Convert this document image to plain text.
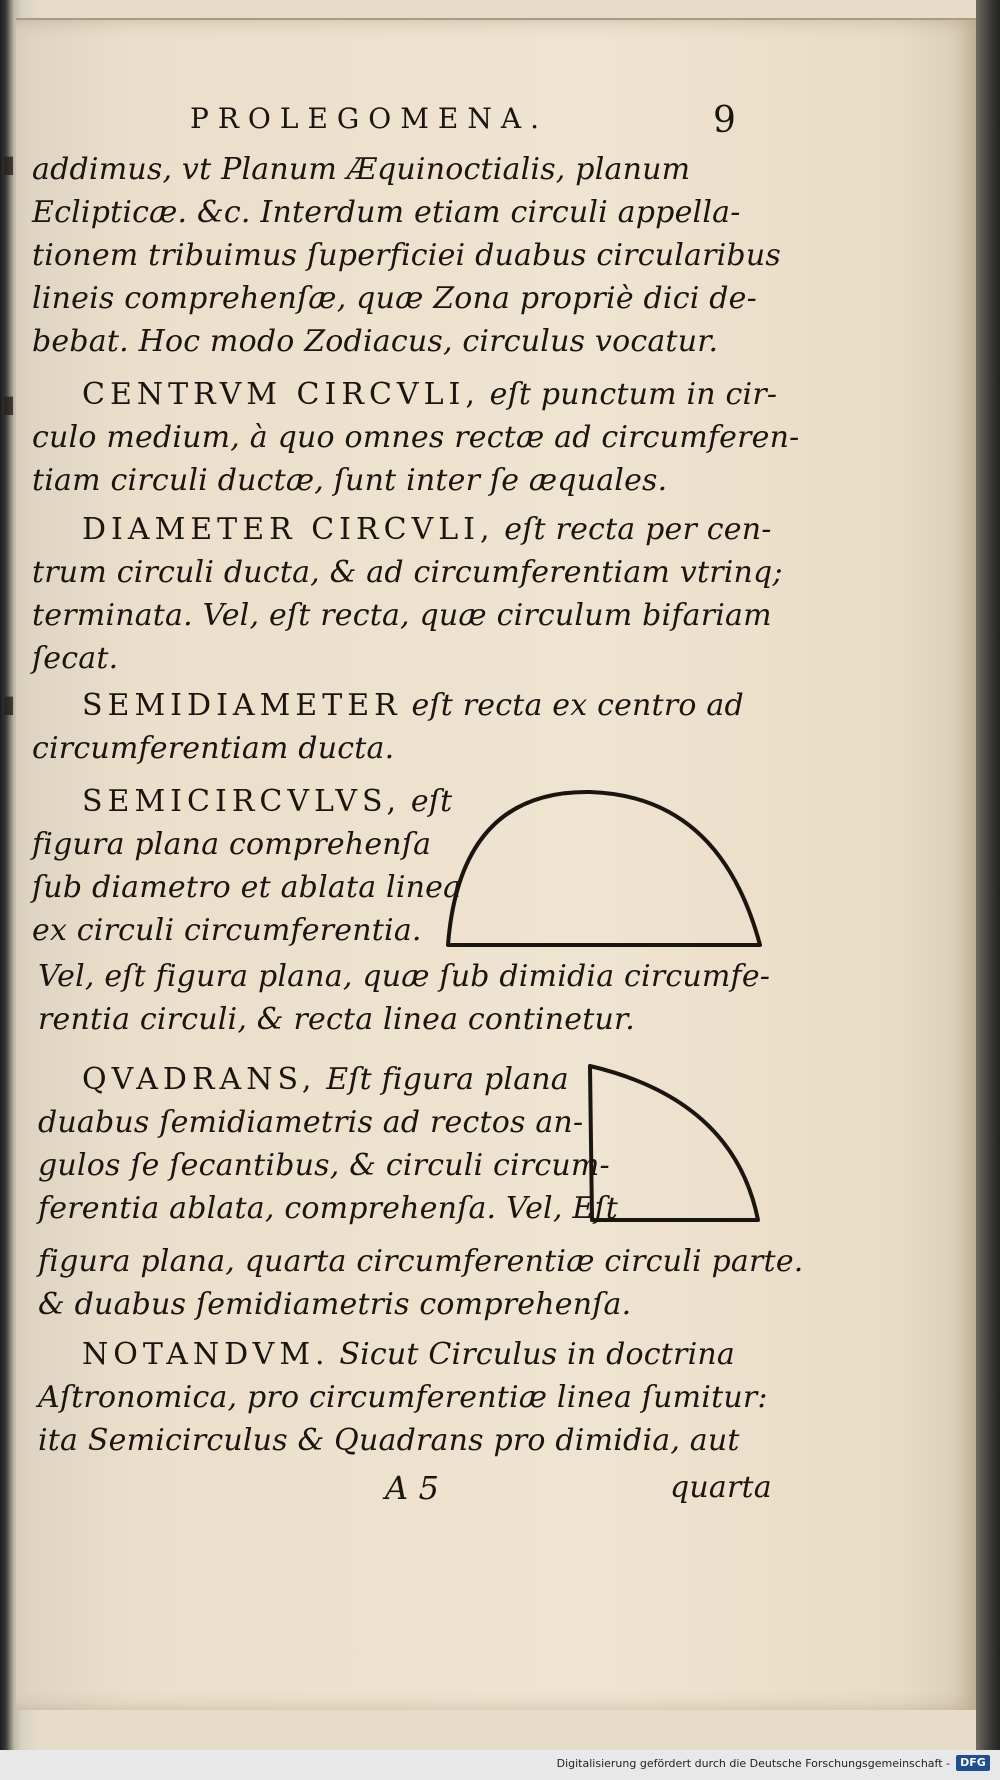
▮
▮
▮
PROLEGOMENA.	9
addimus, vt Planum Æquinoctialis, planum
Eclipticæ. &c. Interdum etiam circuli appella-
tionem tribuimus ſuperficiei duabus circularibus
lineis comprehenſæ, quæ Zona propriè dici de-
bebat. Hoc modo Zodiacus, circulus vocatur.
CENTRVM CIRCVLI, eſt punctum in cir-
culo medium, à quo omnes rectæ ad circumferen-
tiam circuli ductæ, ſunt inter ſe æquales.
DIAMETER CIRCVLI, eſt recta per cen-
trum circuli ducta, & ad circumferentiam vtrinq;
terminata. Vel, eſt recta, quæ circulum bifariam
ſecat.
SEMIDIAMETER eſt recta ex centro ad
circumferentiam ducta.
SEMICIRCVLVS, eſt
figura plana comprehenſa
ſub diametro et ablata linea
ex circuli circumferentia.
Vel, eſt figura plana, quæ ſub dimidia circumfe-
rentia circuli, & recta linea continetur.
QVADRANS, Eſt figura plana
duabus ſemidiametris ad rectos an-
gulos ſe ſecantibus, & circuli circum-
ferentia ablata, comprehenſa. Vel, Eſt
figura plana, quarta circumferentiæ circuli parte.
& duabus ſemidiametris comprehenſa.
NOTANDVM. Sicut Circulus in doctrina
Aſtronomica, pro circumferentiæ linea ſumitur:
ita Semicirculus & Quadrans pro dimidia, aut
A 5	quarta
Digitalisierung gefördert durch die Deutsche Forschungsgemeinschaft - DFG
